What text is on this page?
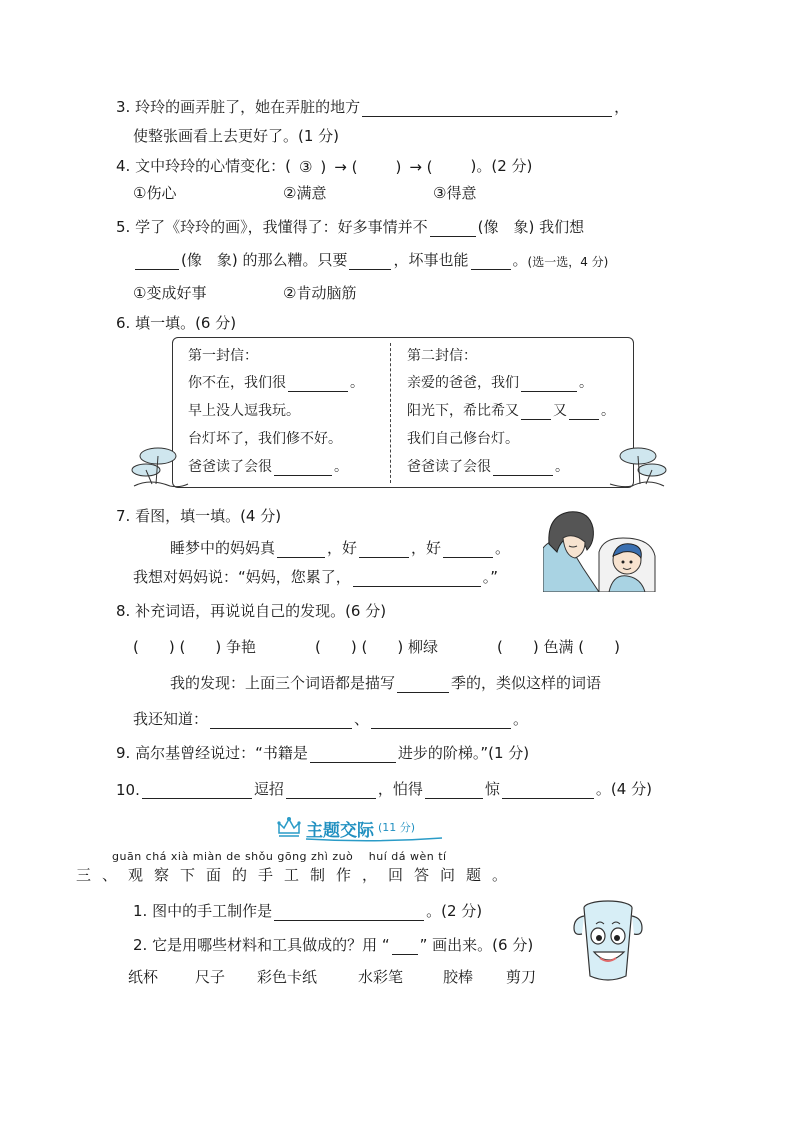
3. 玲玲的画弄脏了，她在弄脏的地方	，
使整张画看上去更好了。(1 分)
4. 文中玲玲的心情变化：( ③ ) → (	) → (	)。(2 分)
①伤心	②满意	③得意
5. 学了《玲玲的画》，我懂得了：好多事情并不	(像　象) 我们想
(像　象) 的那么糟。只要	，坏事也能	。 (选一选，4 分)
①变成好事	②肯动脑筋
6. 填一填。(6 分)
第一封信：
你不在，我们很	。
早上没人逗我玩。
台灯坏了，我们修不好。
爸爸读了会很	。
第二封信：
亲爱的爸爸，我们	。
阳光下，希比希又 又 。
我们自己修台灯。
爸爸读了会很	。
7. 看图，填一填。(4 分)
睡梦中的妈妈真	，好	，好	。
我想对妈妈说：“妈妈，您累了，	。”
8. 补充词语，再说说自己的发现。(6 分)
(　　) (　　) 争艳	(　　) (　　) 柳绿	(　　) 色满 (　　)
我的发现：上面三个词语都是描写	季的，类似这样的词语
我还知道：	、	。
9. 高尔基曾经说过：“书籍是	进步的阶梯。”(1 分)
10.	逗招	，怕得	惊	。(4 分)
主题交际 (11 分)
guān chá xià miàn de shǒu gōng zhì zuò　 huí dá wèn tí
三、观察下面的手工制作，回答问题。
1. 图中的手工制作是	。(2 分)
2. 它是用哪些材料和工具做成的？用 “ ” 画出来。(6 分)
纸杯	尺子	彩色卡纸	水彩笔	胶棒	剪刀
